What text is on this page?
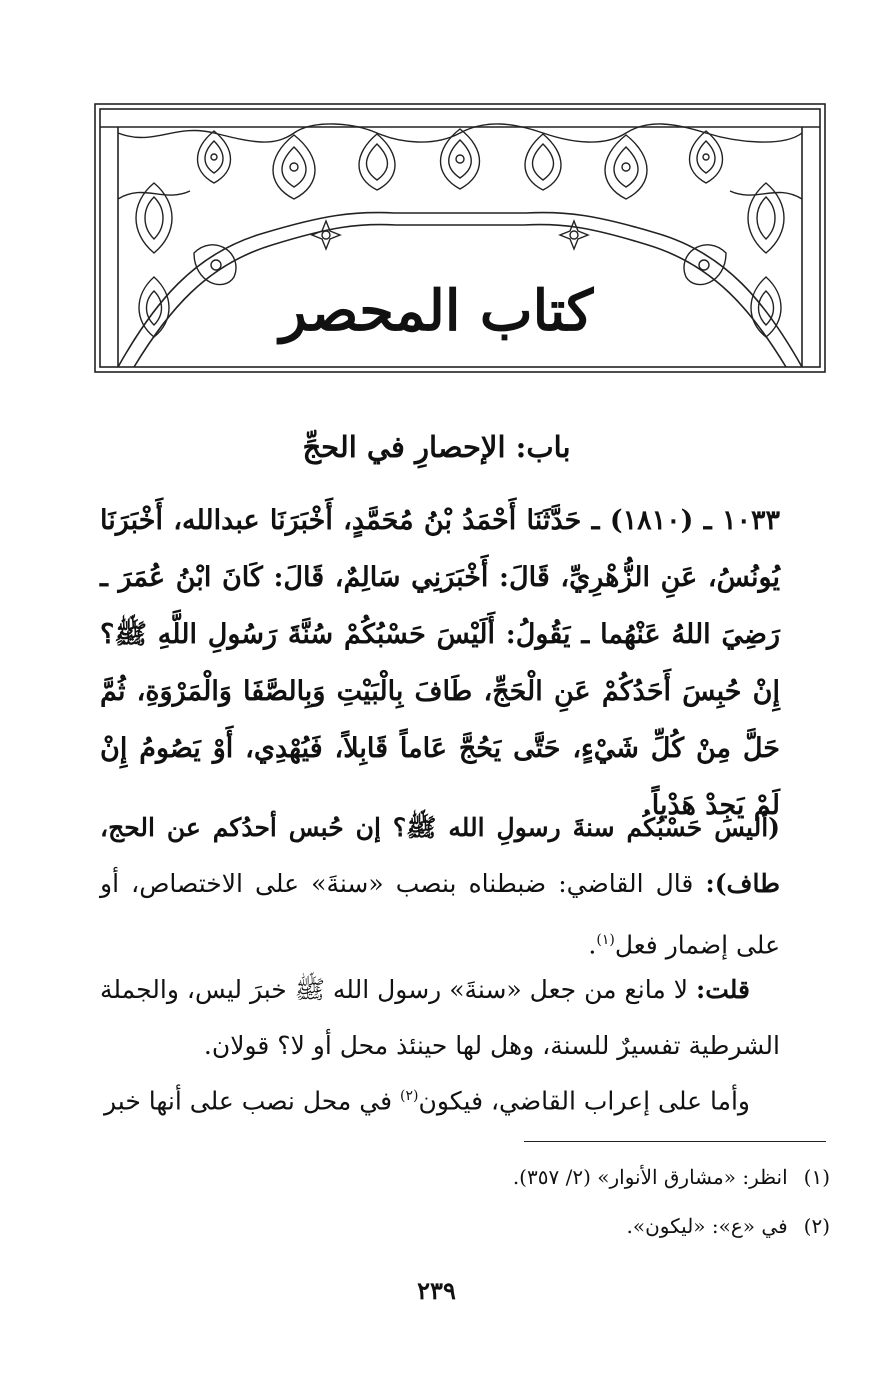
كتاب المحصر
باب: الإحصارِ في الحجِّ
١٠٣٣ ـ (١٨١٠) ـ حَدَّثَنَا أَحْمَدُ بْنُ مُحَمَّدٍ، أَخْبَرَنَا عبدالله، أَخْبَرَنَا يُونُسُ، عَنِ الزُّهْرِيِّ، قَالَ: أَخْبَرَنِي سَالِمٌ، قَالَ: كَانَ ابْنُ عُمَرَ ـ رَضِيَ اللهُ عَنْهُما ـ يَقُولُ: أَلَيْسَ حَسْبُكُمْ سُنَّةَ رَسُولِ اللَّهِ ﷺ؟ إِنْ حُبِسَ أَحَدُكُمْ عَنِ الْحَجِّ، طَافَ بِالْبَيْتِ وَبِالصَّفَا وَالْمَرْوَةِ، ثُمَّ حَلَّ مِنْ كُلِّ شَيْءٍ، حَتَّى يَحُجَّ عَاماً قَابِلاً، فَيُهْدِي، أَوْ يَصُومُ إِنْ لَمْ يَجِدْ هَدْياً.
(أليس حَسْبُكُم سنةَ رسولِ الله ﷺ؟ إن حُبس أحدُكم عن الحج، طاف): قال القاضي: ضبطناه بنصب «سنةَ» على الاختصاص، أو على إضمار فعل$^{(١)}$.
قلت: لا مانع من جعل «سنةَ» رسول الله ﷺ خبرَ ليس، والجملة الشرطية تفسيرٌ للسنة، وهل لها حينئذ محل أو لا؟ قولان.
وأما على إعراب القاضي، فيكون$^{(٢)}$ في محل نصب على أنها خبر
(١) انظر: «مشارق الأنوار» (٢/ ٣٥٧).
(٢) في «ع»: «ليكون».
٢٣٩
